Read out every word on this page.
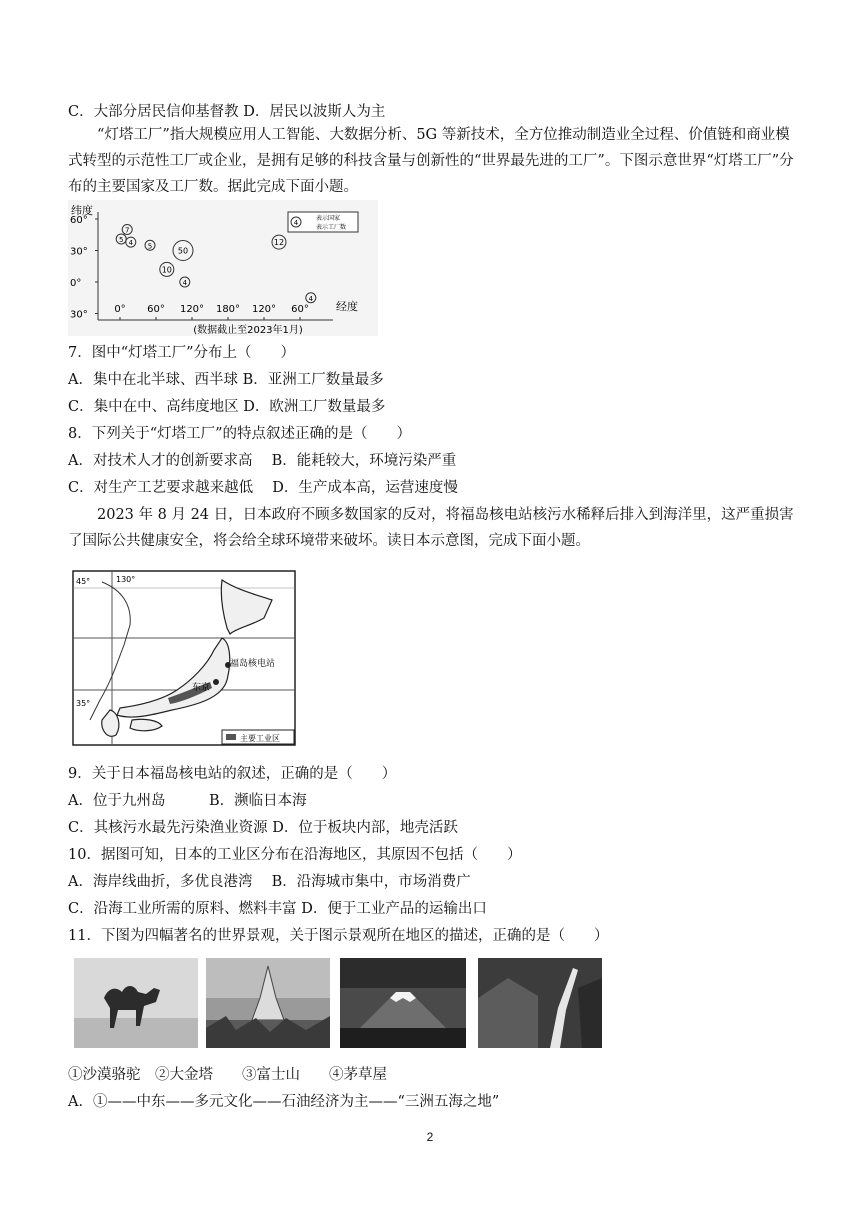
C．大部分居民信仰基督教 D．居民以波斯人为主
“灯塔工厂”指大规模应用人工智能、大数据分析、5G 等新技术，全方位推动制造业全过程、价值链和商业模式转型的示范性工厂或企业，是拥有足够的科技含量与创新性的“世界最先进的工厂”。下图示意世界“灯塔工厂”分布的主要国家及工厂数。据此完成下面小题。
纬度
经度
60°
30°
0°
30°	0° 60° 120° 180° 120° 60°
7
5 4 5
50
10
4
12
4
4
表示国家
表示工厂数
(数据截止至2023年1月)
7．图中“灯塔工厂”分布上（　　）
A．集中在北半球、西半球 B．亚洲工厂数量最多
C．集中在中、高纬度地区 D．欧洲工厂数量最多
8．下列关于“灯塔工厂”的特点叙述正确的是（　　）
A．对技术人才的创新要求高　 B．能耗较大，环境污染严重
C．对生产工艺要求越来越低　 D．生产成本高，运营速度慢
2023 年 8 月 24 日，日本政府不顾多数国家的反对，将福岛核电站核污水稀释后排入到海洋里，这严重损害了国际公共健康安全，将会给全球环境带来破坏。读日本示意图，完成下面小题。
130°
45°
35°
福岛核电站
东京
主要工业区
9．关于日本福岛核电站的叙述，正确的是（　　）
A．位于九州岛　　　B．濒临日本海
C．其核污水最先污染渔业资源 D．位于板块内部，地壳活跃
10．据图可知，日本的工业区分布在沿海地区，其原因不包括（　　）
A．海岸线曲折，多优良港湾　 B．沿海城市集中，市场消费广
C．沿海工业所需的原料、燃料丰富 D．便于工业产品的运输出口
11．下图为四幅著名的世界景观，关于图示景观所在地区的描述，正确的是（　　）
①沙漠骆驼　②大金塔　　③富士山　　④茅草屋
A．①——中东——多元文化——石油经济为主——“三洲五海之地”
2
